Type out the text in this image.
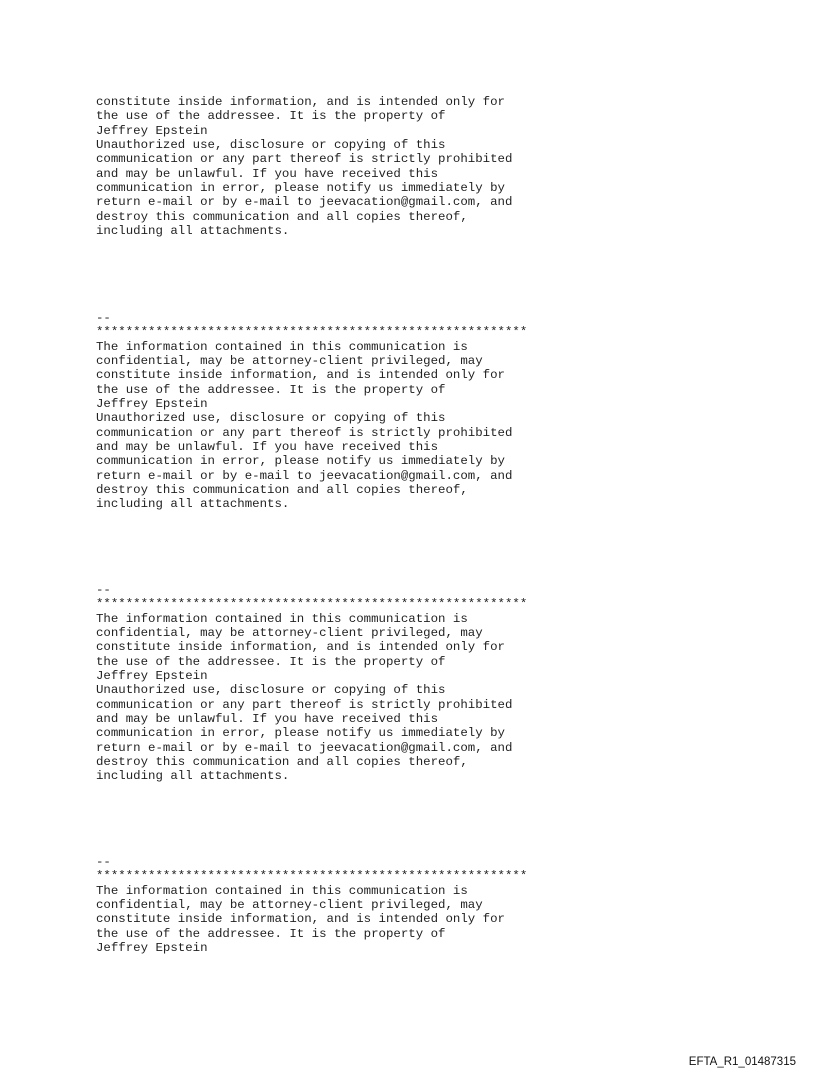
constitute inside information, and is intended only for
the use of the addressee. It is the property of
Jeffrey Epstein
Unauthorized use, disclosure or copying of this
communication or any part thereof is strictly prohibited
and may be unlawful. If you have received this
communication in error, please notify us immediately by
return e-mail or by e-mail to jeevacation@gmail.com, and
destroy this communication and all copies thereof,
including all attachments.
--
**********************************************************
The information contained in this communication is
confidential, may be attorney-client privileged, may
constitute inside information, and is intended only for
the use of the addressee. It is the property of
Jeffrey Epstein
Unauthorized use, disclosure or copying of this
communication or any part thereof is strictly prohibited
and may be unlawful. If you have received this
communication in error, please notify us immediately by
return e-mail or by e-mail to jeevacation@gmail.com, and
destroy this communication and all copies thereof,
including all attachments.
--
**********************************************************
The information contained in this communication is
confidential, may be attorney-client privileged, may
constitute inside information, and is intended only for
the use of the addressee. It is the property of
Jeffrey Epstein
Unauthorized use, disclosure or copying of this
communication or any part thereof is strictly prohibited
and may be unlawful. If you have received this
communication in error, please notify us immediately by
return e-mail or by e-mail to jeevacation@gmail.com, and
destroy this communication and all copies thereof,
including all attachments.
--
**********************************************************
The information contained in this communication is
confidential, may be attorney-client privileged, may
constitute inside information, and is intended only for
the use of the addressee. It is the property of
Jeffrey Epstein
EFTA_R1_01487315
